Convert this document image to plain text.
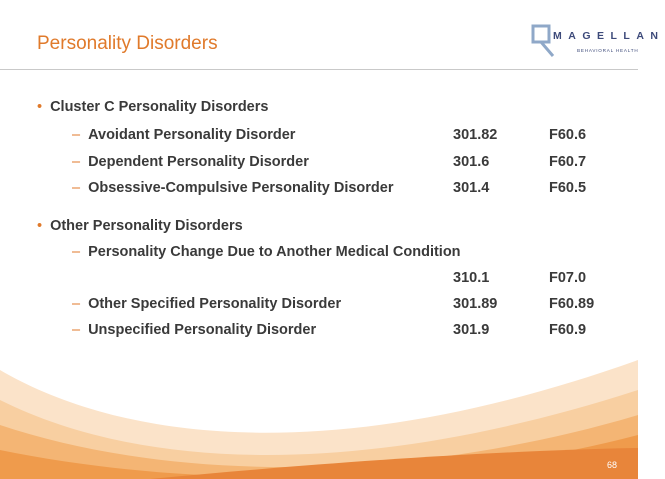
Personality Disorders	MAGELLAN
BEHAVIORAL HEALTH
• Cluster C Personality Disorders
– Avoidant Personality Disorder	301.82	F60.6
– Dependent Personality Disorder	301.6	F60.7
– Obsessive-Compulsive Personality Disorder	301.4	F60.5
• Other Personality Disorders
– Personality Change Due to Another Medical Condition
310.1	F07.0
– Other Specified Personality Disorder	301.89	F60.89
– Unspecified Personality Disorder	301.9	F60.9
68
